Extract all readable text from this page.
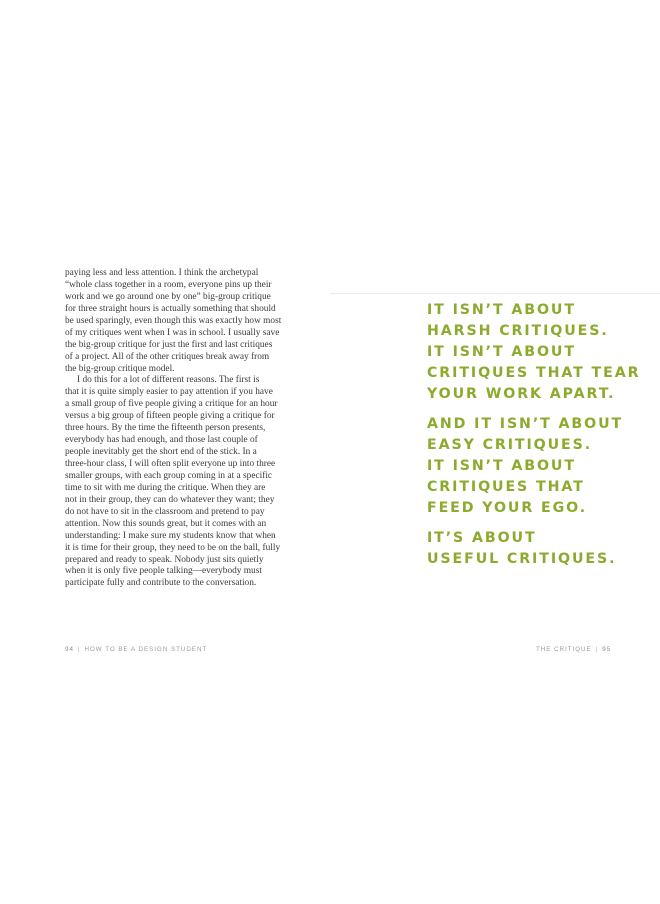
paying less and less attention. I think the archetypal
“whole class together in a room, everyone pins up their
work and we go around one by one” big-group critique
for three straight hours is actually something that should
be used sparingly, even though this was exactly how most
of my critiques went when I was in school. I usually save
the big-group critique for just the first and last critiques
of a project. All of the other critiques break away from
the big-group critique model.
I do this for a lot of different reasons. The first is
that it is quite simply easier to pay attention if you have
a small group of five people giving a critique for an hour
versus a big group of fifteen people giving a critique for
three hours. By the time the fifteenth person presents,
everybody has had enough, and those last couple of
people inevitably get the short end of the stick. In a
three-hour class, I will often split everyone up into three
smaller groups, with each group coming in at a specific
time to sit with me during the critique. When they are
not in their group, they can do whatever they want; they
do not have to sit in the classroom and pretend to pay
attention. Now this sounds great, but it comes with an
understanding: I make sure my students know that when
it is time for their group, they need to be on the ball, fully
prepared and ready to speak. Nobody just sits quietly
when it is only five people talking—everybody must
participate fully and contribute to the conversation.
94 | HOW TO BE A DESIGN STUDENT
IT ISN’T ABOUT
HARSH CRITIQUES.
IT ISN’T ABOUT
CRITIQUES THAT TEAR
YOUR WORK APART.
AND IT ISN’T ABOUT
EASY CRITIQUES.
IT ISN’T ABOUT
CRITIQUES THAT
FEED YOUR EGO.
IT’S ABOUT
USEFUL CRITIQUES.
THE CRITIQUE | 95
